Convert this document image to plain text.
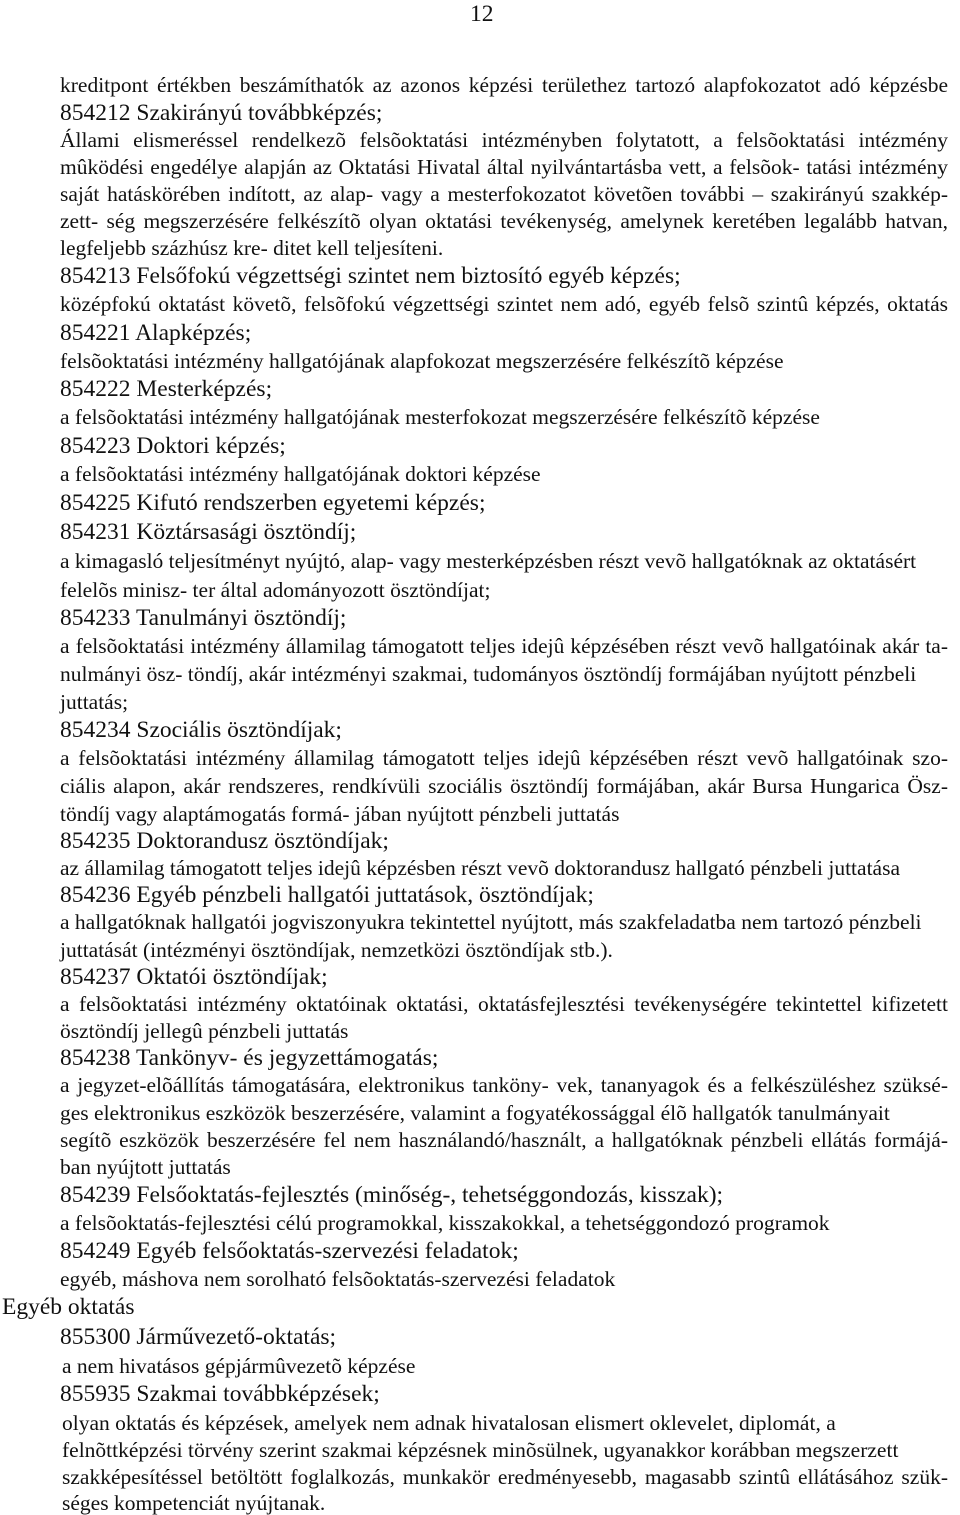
12
kreditpont értékben beszámíthatók az azonos képzési területhez tartozó alapfokozatot adó képzésbe
854212 Szakirányú továbbképzés;
Állami elismeréssel rendelkezõ felsõoktatási intézményben folytatott, a felsõoktatási intézmény
mûködési engedélye alapján az Oktatási Hivatal által nyilvántartásba vett, a felsõok- tatási intézmény
saját hatáskörében indított, az alap- vagy a mesterfokozatot követõen további – szakirányú szakkép-
zett- ség megszerzésére felkészítõ olyan oktatási tevékenység, amelynek keretében legalább hatvan,
legfeljebb százhúsz kre- ditet kell teljesíteni.
854213 Felsőfokú végzettségi szintet nem biztosító egyéb képzés;
középfokú oktatást követõ, felsõfokú végzettségi szintet nem adó, egyéb felsõ szintû képzés, oktatás
854221 Alapképzés;
felsõoktatási intézmény hallgatójának alapfokozat megszerzésére felkészítõ képzése
854222 Mesterképzés;
a felsõoktatási intézmény hallgatójának mesterfokozat megszerzésére felkészítõ képzése
854223 Doktori képzés;
a felsõoktatási intézmény hallgatójának doktori képzése
854225 Kifutó rendszerben egyetemi képzés;
854231 Köztársasági ösztöndíj;
a kimagasló teljesítményt nyújtó, alap- vagy mesterképzésben részt vevõ hallgatóknak az oktatásért
felelõs minisz- ter által adományozott ösztöndíjat;
854233 Tanulmányi ösztöndíj;
a felsõoktatási intézmény államilag támogatott teljes idejû képzésében részt vevõ hallgatóinak akár ta-
nulmányi ösz- töndíj, akár intézményi szakmai, tudományos ösztöndíj formájában nyújtott pénzbeli
juttatás;
854234 Szociális ösztöndíjak;
a felsõoktatási intézmény államilag támogatott teljes idejû képzésében részt vevõ hallgatóinak szo-
ciális alapon, akár rendszeres, rendkívüli szociális ösztöndíj formájában, akár Bursa Hungarica Ösz-
töndíj vagy alaptámogatás formá- jában nyújtott pénzbeli juttatás
854235 Doktorandusz ösztöndíjak;
az államilag támogatott teljes idejû képzésben részt vevõ doktorandusz hallgató pénzbeli juttatása
854236 Egyéb pénzbeli hallgatói juttatások, ösztöndíjak;
a hallgatóknak hallgatói jogviszonyukra tekintettel nyújtott, más szakfeladatba nem tartozó pénzbeli
juttatását (intézményi ösztöndíjak, nemzetközi ösztöndíjak stb.).
854237 Oktatói ösztöndíjak;
a felsõoktatási intézmény oktatóinak oktatási, oktatásfejlesztési tevékenységére tekintettel kifizetett
ösztöndíj jellegû pénzbeli juttatás
854238 Tankönyv- és jegyzettámogatás;
a jegyzet-elõállítás támogatására, elektronikus tanköny- vek, tananyagok és a felkészüléshez szüksé-
ges elektronikus eszközök beszerzésére, valamint a fogyatékossággal élõ hallgatók tanulmányait
segítõ eszközök beszerzésére fel nem használandó/használt, a hallgatóknak pénzbeli ellátás formájá-
ban nyújtott juttatás
854239 Felsőoktatás-fejlesztés (minőség-, tehetséggondozás, kisszak);
a felsõoktatás-fejlesztési célú programokkal, kisszakokkal, a tehetséggondozó programok
854249 Egyéb felsőoktatás-szervezési feladatok;
egyéb, máshova nem sorolható felsõoktatás-szervezési feladatok
Egyéb oktatás
855300 Járművezető-oktatás;
a nem hivatásos gépjármûvezetõ képzése
855935 Szakmai továbbképzések;
olyan oktatás és képzések, amelyek nem adnak hivatalosan elismert oklevelet, diplomát, a
felnõttképzési törvény szerint szakmai képzésnek minõsülnek, ugyanakkor korábban megszerzett
szakképesítéssel betöltött foglalkozás, munkakör eredményesebb, magasabb szintû ellátásához szük-
séges kompetenciát nyújtanak.
